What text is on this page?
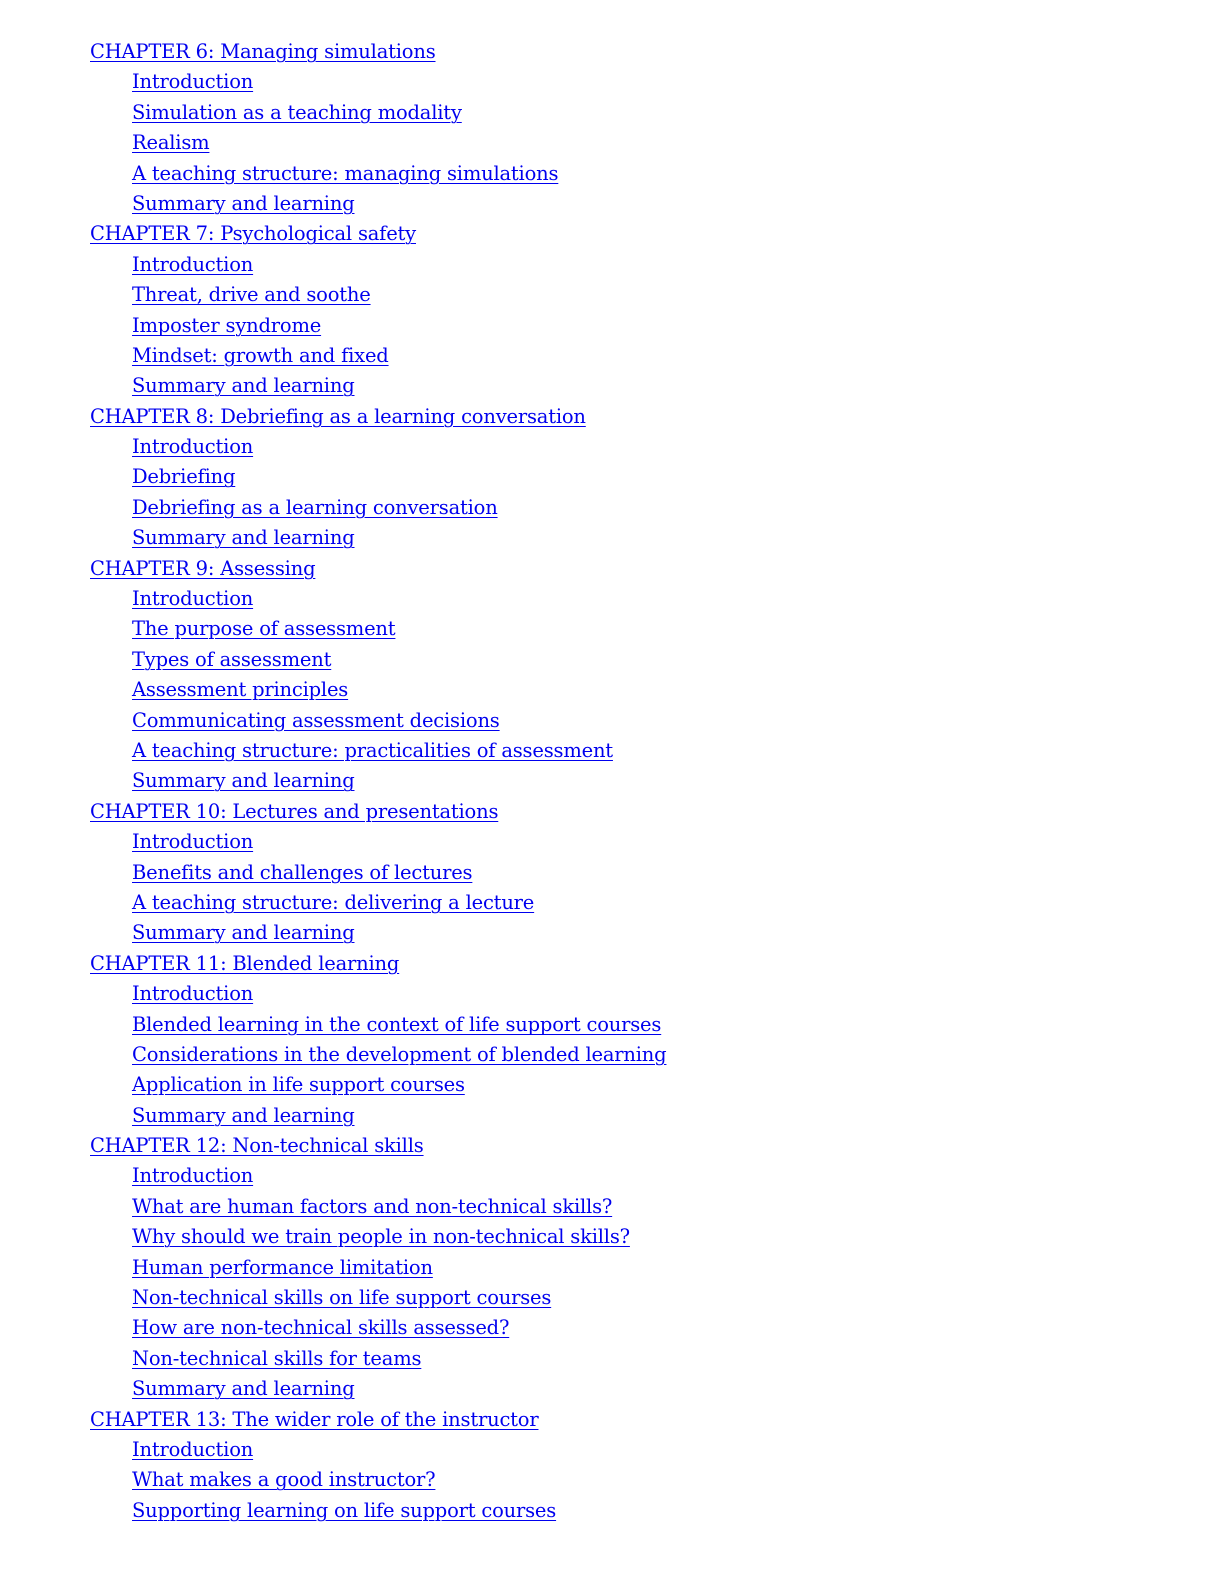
CHAPTER 6: Managing simulations
Introduction
Simulation as a teaching modality
Realism
A teaching structure: managing simulations
Summary and learning
CHAPTER 7: Psychological safety
Introduction
Threat, drive and soothe
Imposter syndrome
Mindset: growth and fixed
Summary and learning
CHAPTER 8: Debriefing as a learning conversation
Introduction
Debriefing
Debriefing as a learning conversation
Summary and learning
CHAPTER 9: Assessing
Introduction
The purpose of assessment
Types of assessment
Assessment principles
Communicating assessment decisions
A teaching structure: practicalities of assessment
Summary and learning
CHAPTER 10: Lectures and presentations
Introduction
Benefits and challenges of lectures
A teaching structure: delivering a lecture
Summary and learning
CHAPTER 11: Blended learning
Introduction
Blended learning in the context of life support courses
Considerations in the development of blended learning
Application in life support courses
Summary and learning
CHAPTER 12: Non-technical skills
Introduction
What are human factors and non-technical skills?
Why should we train people in non-technical skills?
Human performance limitation
Non-technical skills on life support courses
How are non-technical skills assessed?
Non-technical skills for teams
Summary and learning
CHAPTER 13: The wider role of the instructor
Introduction
What makes a good instructor?
Supporting learning on life support courses
